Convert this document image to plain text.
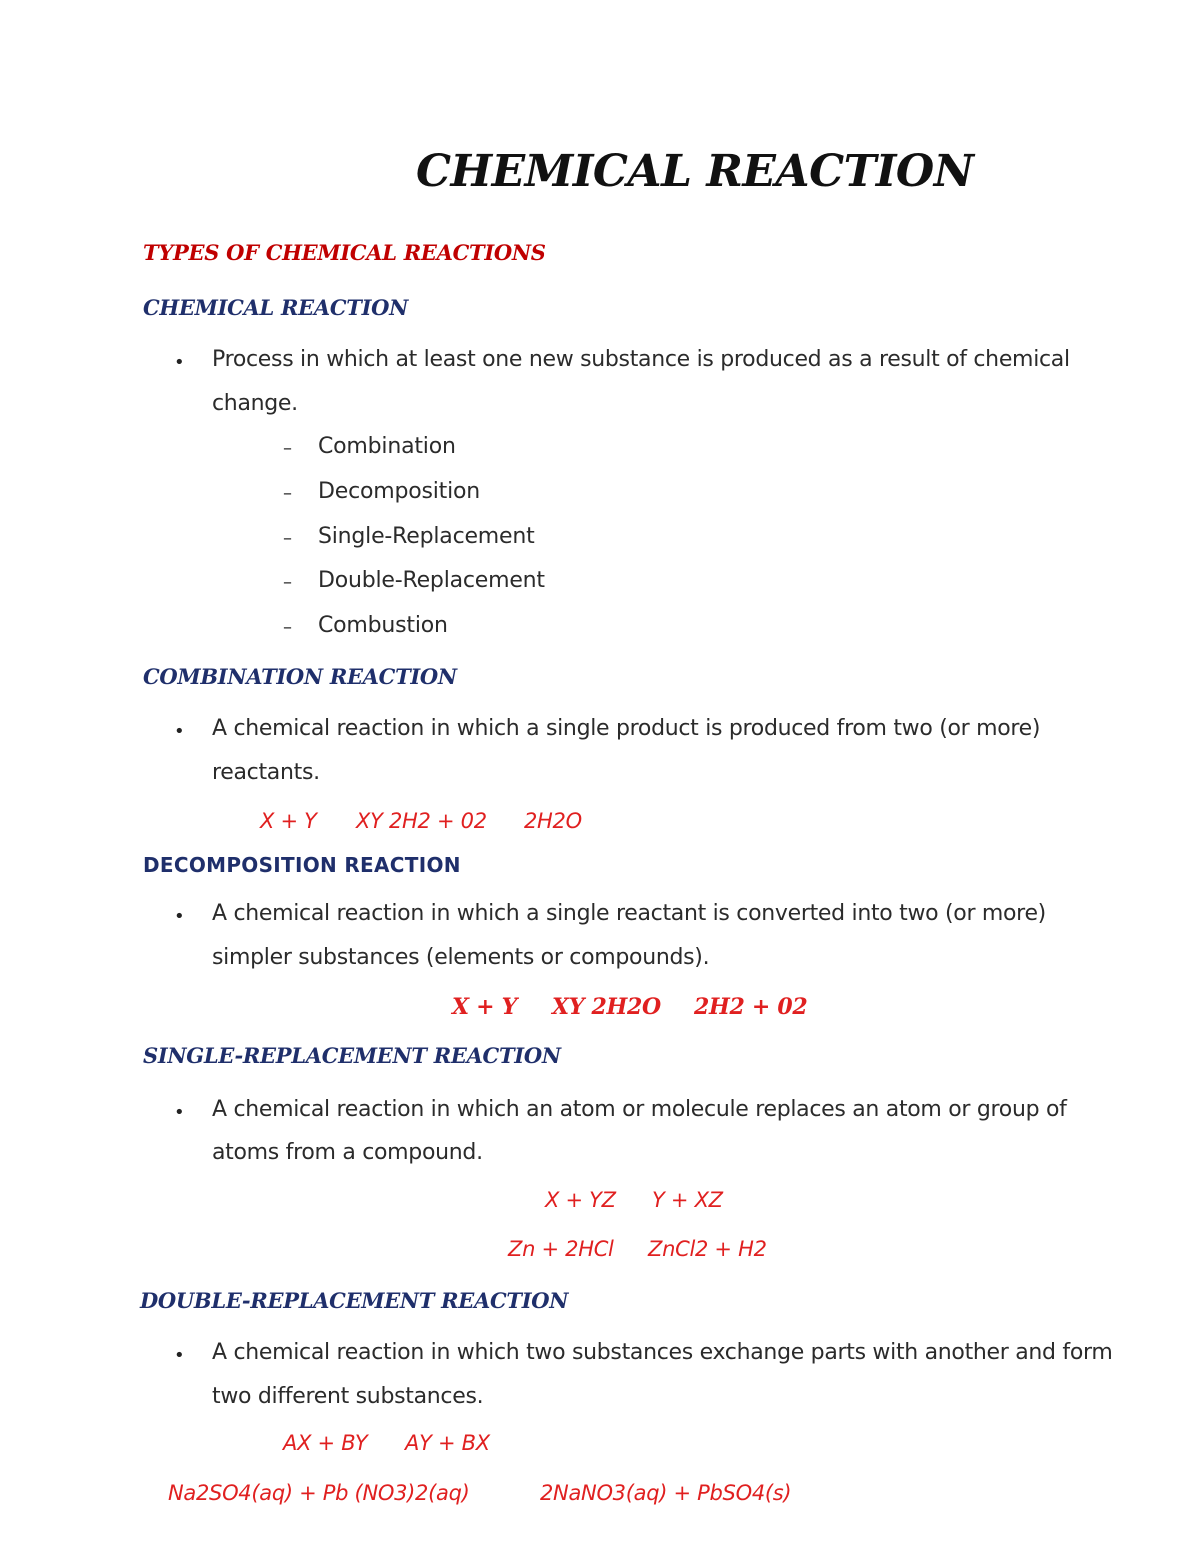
CHEMICAL REACTION
TYPES OF CHEMICAL REACTIONS
CHEMICAL REACTION
• Process in which at least one new substance is produced as a result of chemical
change.
– Combination
– Decomposition
– Single-Replacement
– Double-Replacement
– Combustion
COMBINATION REACTION
• A chemical reaction in which a single product is produced from two (or more)
reactants.
X + Y XY 2H2 + 02 2H2O
DECOMPOSITION REACTION
• A chemical reaction in which a single reactant is converted into two (or more)
simpler substances (elements or compounds).
X + Y XY 2H2O 2H2 + 02
SINGLE-REPLACEMENT REACTION
• A chemical reaction in which an atom or molecule replaces an atom or group of
atoms from a compound.
X + YZ Y + XZ
Zn + 2HCl ZnCl2 + H2
DOUBLE-REPLACEMENT REACTION
• A chemical reaction in which two substances exchange parts with another and form
two different substances.
AX + BY AY + BX
Na2SO4(aq) + Pb (NO3)2(aq)	2NaNO3(aq) + PbSO4(s)
